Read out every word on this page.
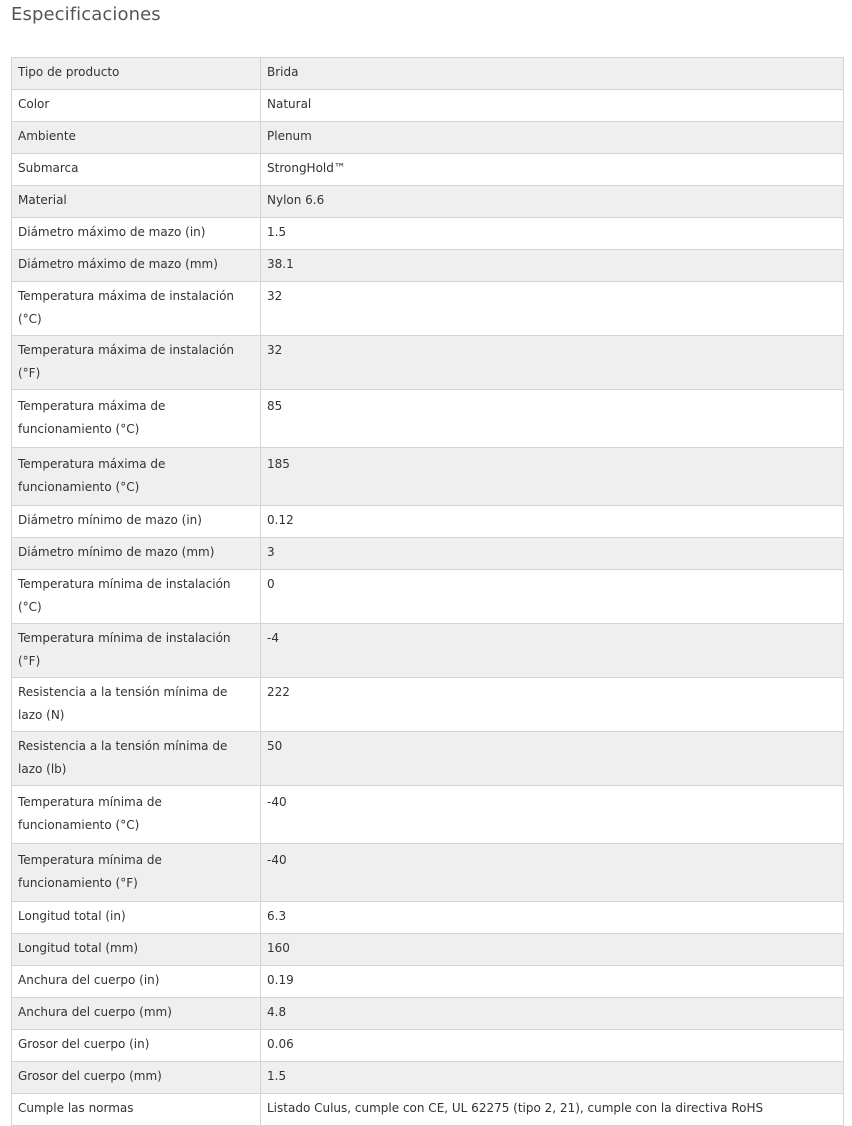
Especificaciones
Tipo de producto	Brida
Color	Natural
Ambiente	Plenum
Submarca	StrongHold™
Material	Nylon 6.6
Diámetro máximo de mazo (in)	1.5
Diámetro máximo de mazo (mm)	38.1
Temperatura máxima de instalación (°C)	32
Temperatura máxima de instalación (°F)	32
Temperatura máxima de funcionamiento (°C)	85
Temperatura máxima de funcionamiento (°C)	185
Diámetro mínimo de mazo (in)	0.12
Diámetro mínimo de mazo (mm)	3
Temperatura mínima de instalación (°C)	0
Temperatura mínima de instalación (°F)	-4
Resistencia a la tensión mínima de lazo (N)	222
Resistencia a la tensión mínima de lazo (lb)	50
Temperatura mínima de funcionamiento (°C)	-40
Temperatura mínima de funcionamiento (°F)	-40
Longitud total (in)	6.3
Longitud total (mm)	160
Anchura del cuerpo (in)	0.19
Anchura del cuerpo (mm)	4.8
Grosor del cuerpo (in)	0.06
Grosor del cuerpo (mm)	1.5
Cumple las normas	Listado Culus, cumple con CE, UL 62275 (tipo 2, 21), cumple con la directiva RoHS
